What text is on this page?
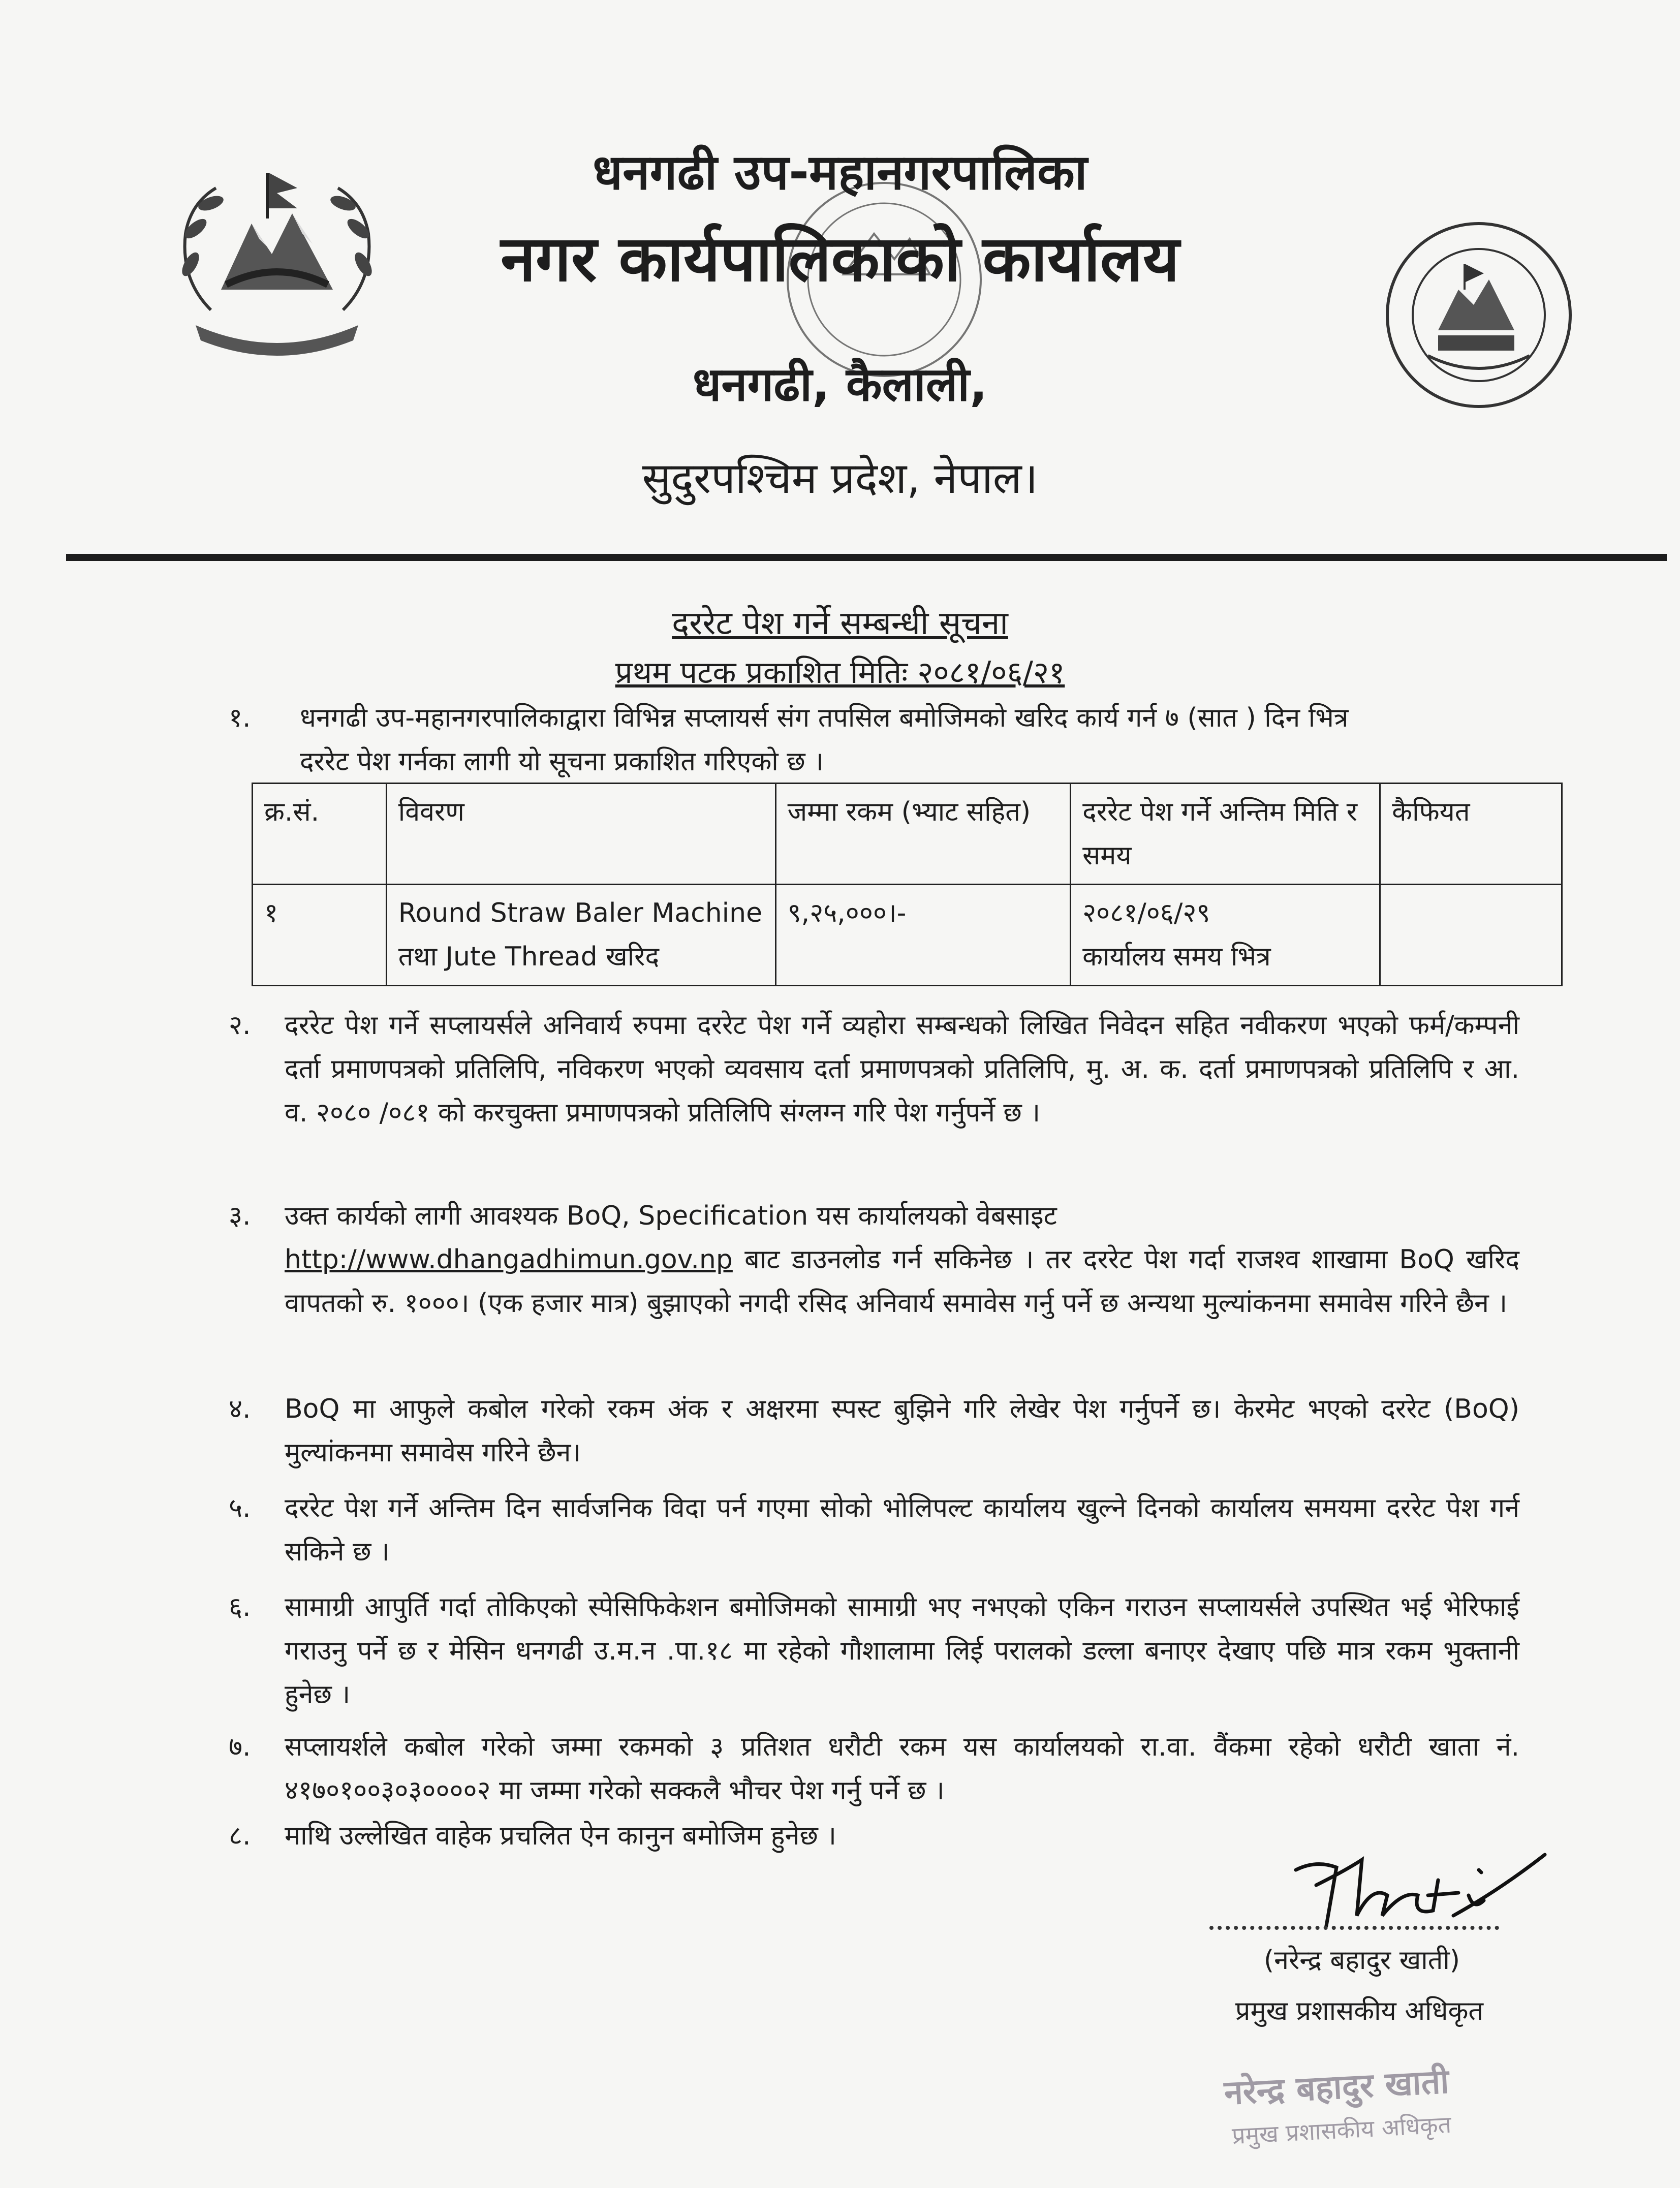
धनगढी उप-महानगरपालिका
नगर कार्यपालिकाको कार्यालय
धनगढी, कैलाली,
सुदुरपश्चिम प्रदेश, नेपाल।
दररेट पेश गर्ने सम्बन्धी सूचना
प्रथम पटक प्रकाशित मितिः २०८१/०६/२१
१.	धनगढी उप-महानगरपालिकाद्वारा विभिन्न सप्लायर्स संग तपसिल बमोजिमको खरिद कार्य गर्न ७ (सात ) दिन भित्र
दररेट पेश गर्नका लागी यो सूचना प्रकाशित गरिएको छ ।
क्र.सं.	विवरण	जम्मा रकम (भ्याट सहित)	दररेट पेश गर्ने अन्तिम मिति र समय	कैफियत
१	Round Straw Baler Machine तथा Jute Thread खरिद	९,२५,०००।-	२०८१/०६/२९
कार्यालय समय भित्र	

२.	दररेट पेश गर्ने सप्लायर्सले अनिवार्य रुपमा दररेट पेश गर्ने व्यहोरा सम्बन्धको लिखित निवेदन सहित नवीकरण भएको फर्म/कम्पनी दर्ता प्रमाणपत्रको प्रतिलिपि, नविकरण भएको व्यवसाय दर्ता प्रमाणपत्रको प्रतिलिपि, मु. अ. क. दर्ता प्रमाणपत्रको प्रतिलिपि र आ. व. २०८० /०८१ को करचुक्ता प्रमाणपत्रको प्रतिलिपि संग्लग्न गरि पेश गर्नुपर्ने छ ।
३.	उक्त कार्यको लागी आवश्यक BoQ, Specification यस कार्यालयको वेबसाइट
http://www.dhangadhimun.gov.np बाट डाउनलोड गर्न सकिनेछ । तर दररेट पेश गर्दा राजश्व शाखामा BoQ खरिद वापतको रु. १०००। (एक हजार मात्र) बुझाएको नगदी रसिद अनिवार्य समावेस गर्नु पर्ने छ अन्यथा मुल्यांकनमा समावेस गरिने छैन ।
४.	BoQ मा आफुले कबोल गरेको रकम अंक र अक्षरमा स्पस्ट बुझिने गरि लेखेर पेश गर्नुपर्ने छ। केरमेट भएको दररेट (BoQ) मुल्यांकनमा समावेस गरिने छैन।
५.	दररेट पेश गर्ने अन्तिम दिन सार्वजनिक विदा पर्न गएमा सोको भोलिपल्ट कार्यालय खुल्ने दिनको कार्यालय समयमा दररेट पेश गर्न सकिने छ ।
६.	सामाग्री आपुर्ति गर्दा तोकिएको स्पेसिफिकेशन बमोजिमको सामाग्री भए नभएको एकिन गराउन सप्लायर्सले उपस्थित भई भेरिफाई गराउनु पर्ने छ र मेसिन धनगढी उ.म.न .पा.१८ मा रहेको गौशालामा लिई परालको डल्ला बनाएर देखाए पछि मात्र रकम भुक्तानी हुनेछ ।
७.	सप्लायर्शले कबोल गरेको जम्मा रकमको ३ प्रतिशत धरौटी रकम यस कार्यालयको रा.वा. वैंकमा रहेको धरौटी खाता नं. ४१७०१००३०३००००२ मा जम्मा गरेको सक्कलै भौचर पेश गर्नु पर्ने छ ।
८.	माथि उल्लेखित वाहेक प्रचलित ऐन कानुन बमोजिम हुनेछ ।
(नरेन्द्र बहादुर खाती)
प्रमुख प्रशासकीय अधिकृत
नरेन्द्र बहादुर खाती
प्रमुख प्रशासकीय अधिकृत
